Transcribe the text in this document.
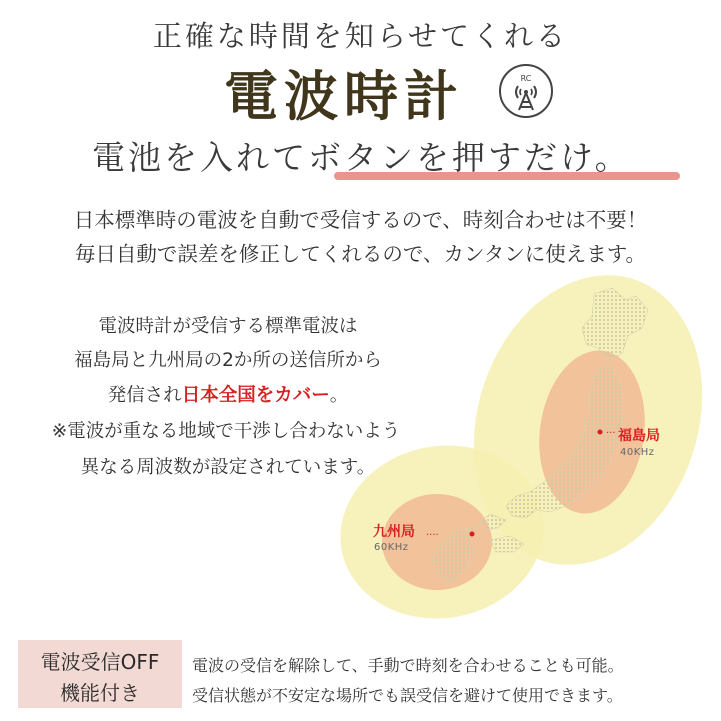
正確な時間を知らせてくれる
電波時計	RC
電池を入れてボタンを押すだけ。
日本標準時の電波を自動で受信するので、時刻合わせは不要！
毎日自動で誤差を修正してくれるので、カンタンに使えます。
···
····
福島局
40KHz
九州局
60KHz
電波時計が受信する標準電波は
福島局と九州局の2か所の送信所から
発信され日本全国をカバー。
※電波が重なる地域で干渉し合わないよう
異なる周波数が設定されています。
電波受信OFF
機能付き
電波の受信を解除して、手動で時刻を合わせることも可能。
受信状態が不安定な場所でも誤受信を避けて使用できます。
